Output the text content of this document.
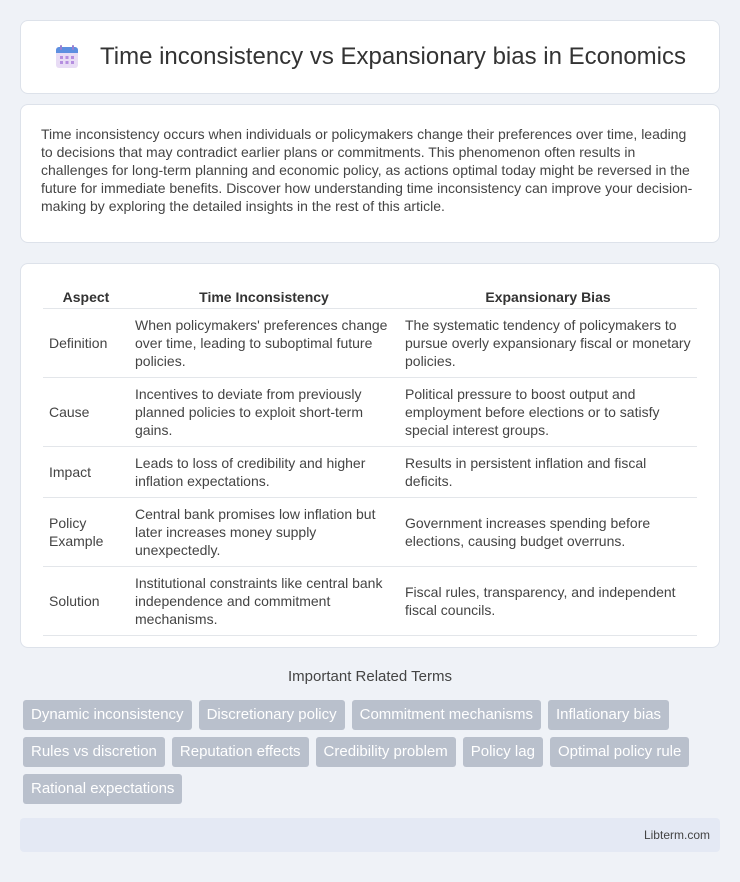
Time inconsistency vs Expansionary bias in Economics

Time inconsistency occurs when individuals or policymakers change their preferences over time, leading to decisions that may contradict earlier plans or commitments. This phenomenon often results in challenges for long-term planning and economic policy, as actions optimal today might be reversed in the future for immediate benefits. Discover how understanding time inconsistency can improve your decision-making by exploring the detailed insights in the rest of this article.

Aspect	Time Inconsistency	Expansionary Bias
Definition	When policymakers' preferences change over time, leading to suboptimal future policies.	The systematic tendency of policymakers to pursue overly expansionary fiscal or monetary policies.
Cause	Incentives to deviate from previously planned policies to exploit short-term gains.	Political pressure to boost output and employment before elections or to satisfy special interest groups.
Impact	Leads to loss of credibility and higher inflation expectations.	Results in persistent inflation and fiscal deficits.
Policy Example	Central bank promises low inflation but later increases money supply unexpectedly.	Government increases spending before elections, causing budget overruns.
Solution	Institutional constraints like central bank independence and commitment mechanisms.	Fiscal rules, transparency, and independent fiscal councils.
Important Related Terms
Dynamic inconsistency	Discretionary policy	Commitment mechanisms	Inflationary bias
Rules vs discretion	Reputation effects	Credibility problem	Policy lag	Optimal policy rule
Rational expectations
Libterm.com
